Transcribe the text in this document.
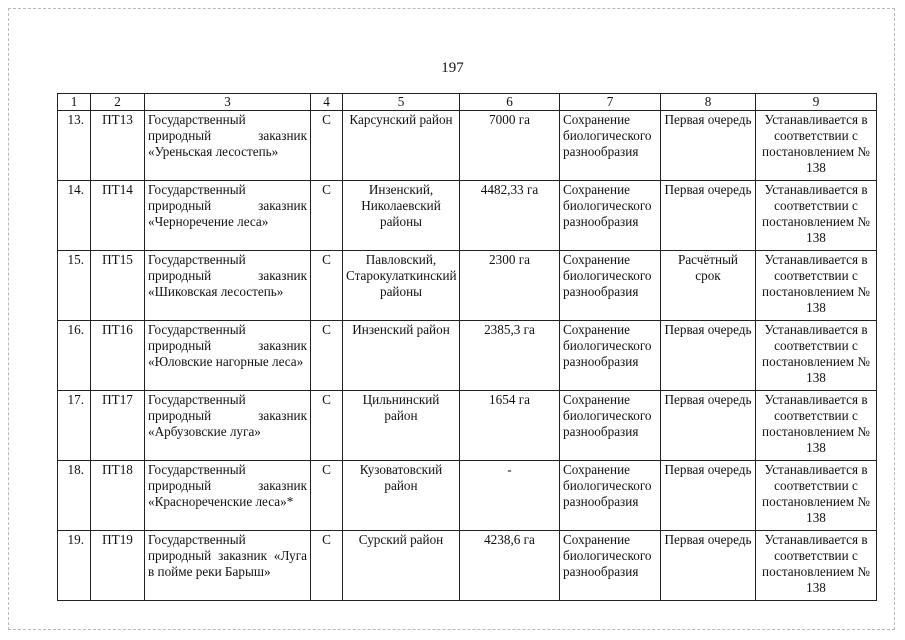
197
1	2	3	4	5	6	7	8	9
13.	ПТ13	Государственный природный заказник «Уреньская лесостепь»	С	Карсунский район	7000 га	Сохранение биологического разнообразия	Первая очередь	Устанавливается в соответствии с постановлением № 138
14.	ПТ14	Государственный природный заказник «Черноречение леса»	С	Инзенский, Николаевский районы	4482,33 га	Сохранение биологического разнообразия	Первая очередь	Устанавливается в соответствии с постановлением № 138
15.	ПТ15	Государственный природный заказник «Шиковская лесостепь»	С	Павловский, Старокулаткинский районы	2300 га	Сохранение биологического разнообразия	Расчётный срок	Устанавливается в соответствии с постановлением № 138
16.	ПТ16	Государственный природный заказник «Юловские нагорные леса»	С	Инзенский район	2385,3 га	Сохранение биологического разнообразия	Первая очередь	Устанавливается в соответствии с постановлением № 138
17.	ПТ17	Государственный природный заказник «Арбузовские луга»	С	Цильнинский район	1654 га	Сохранение биологического разнообразия	Первая очередь	Устанавливается в соответствии с постановлением № 138
18.	ПТ18	Государственный природный заказник «Краснореченские леса»*	С	Кузоватовский район	-	Сохранение биологического разнообразия	Первая очередь	Устанавливается в соответствии с постановлением № 138
19.	ПТ19	Государственный природный заказник «Луга в пойме реки Барыш»	С	Сурский район	4238,6 га	Сохранение биологического разнообразия	Первая очередь	Устанавливается в соответствии с постановлением № 138
